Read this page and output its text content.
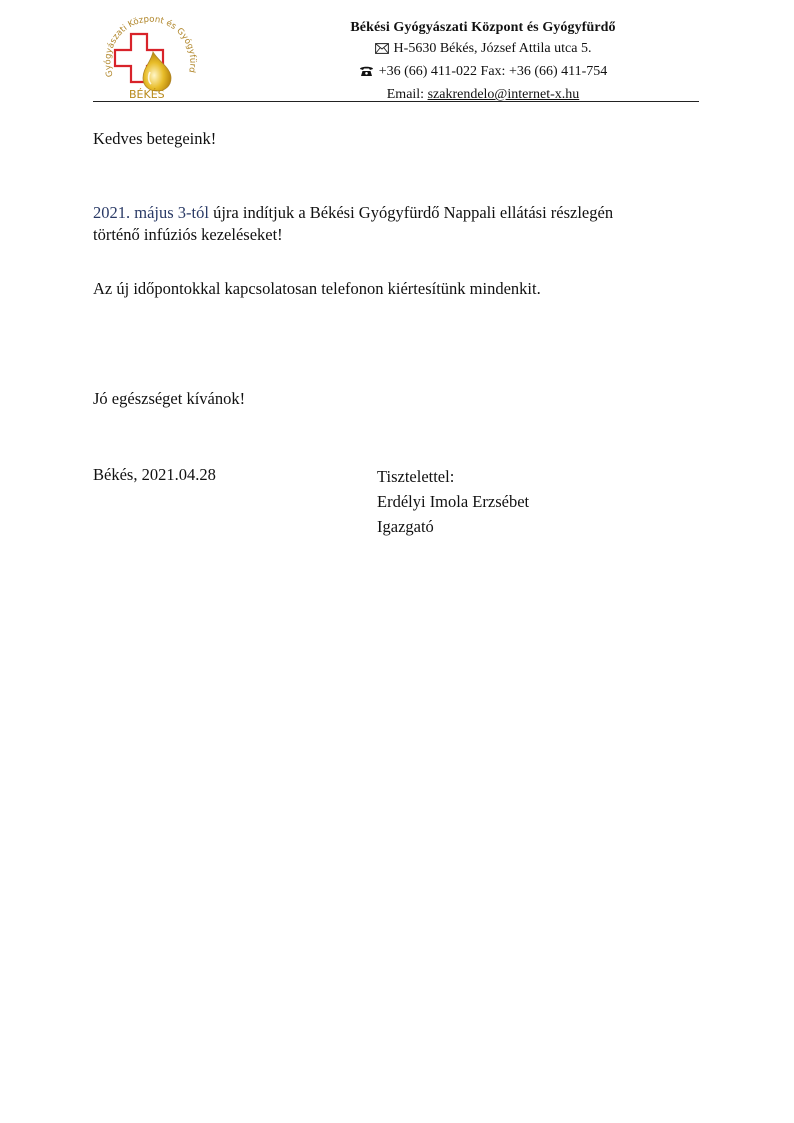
Gyógyászati Központ és Gyógyfürd
BÉKÉS
Békési Gyógyászati Központ és Gyógyfürdő
H-5630 Békés, József Attila utca 5.
+36 (66) 411-022 Fax: +36 (66) 411-754
Email: szakrendelo@internet-x.hu
Kedves betegeink!
2021. május 3-tól újra indítjuk a Békési Gyógyfürdő Nappali ellátási részlegén
történő infúziós kezeléseket!
Az új időpontokkal kapcsolatosan telefonon kiértesítünk mindenkit.
Jó egészséget kívánok!
Békés, 2021.04.28	Tisztelettel:
Erdélyi Imola Erzsébet
Igazgató
